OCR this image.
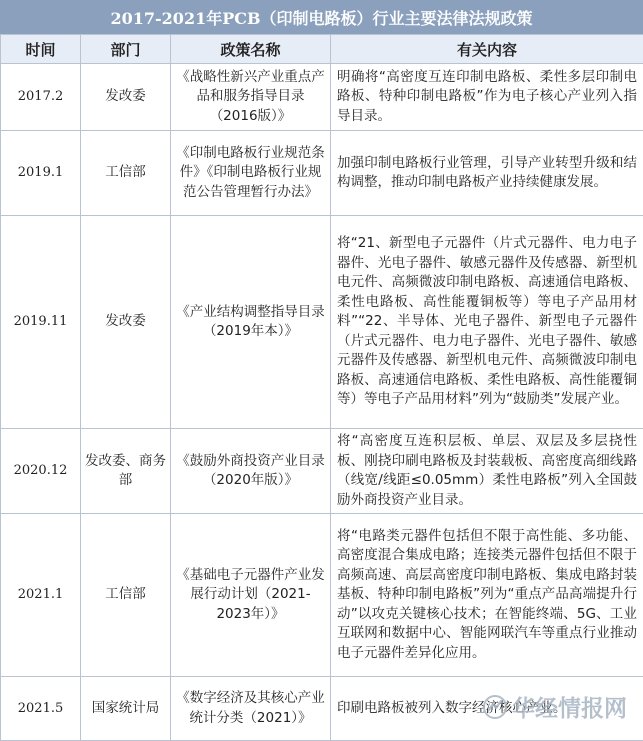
2017-2021年PCB（印制电路板）行业主要法律法规政策
时间	部门	政策名称	有关内容
2017.2	发改委	《战略性新兴产业重点产品和服务指导目录（2016版）》	明确将“高密度互连印制电路板、柔性多层印制电路板、特种印制电路板”作为电子核心产业列入指导目录。
2019.1	工信部	《印制电路板行业规范条件》《印制电路板行业规范公告管理暂行办法》	加强印制电路板行业管理，引导产业转型升级和结构调整，推动印制电路板产业持续健康发展。
2019.11	发改委	《产业结构调整指导目录（2019年本）》	将“21、新型电子元器件（片式元器件、电力电子器件、光电子器件、敏感元器件及传感器、新型机电元件、高频微波印制电路板、高速通信电路板、柔性电路板、高性能覆铜板等）等电子产品用材料”“22、半导体、光电子器件、新型电子元器件（片式元器件、电力电子器件、光电子器件、敏感元器件及传感器、新型机电元件、高频微波印制电路板、高速通信电路板、柔性电路板、高性能覆铜等）等电子产品用材料”列为“鼓励类”发展产业。
2020.12	发改委、商务部	《鼓励外商投资产业目录（2020年版）》	将“高密度互连积层板、单层、双层及多层挠性板、刚挠印刷电路板及封装载板、高密度高细线路（线宽/线距≤0.05mm）柔性电路板”列入全国鼓励外商投资产业目录。
2021.1	工信部	《基础电子元器件产业发展行动计划（2021-2023年）》	将“电路类元器件包括但不限于高性能、多功能、高密度混合集成电路；连接类元器件包括但不限于高频高速、高层高密度印制电路板、集成电路封装基板、特种印制电路板”列为“重点产品高端提升行动”以攻克关键核心技术；在智能终端、5G、工业互联网和数据中心、智能网联汽车等重点行业推动电子元器件差异化应用。
2021.5	国家统计局	《数字经济及其核心产业统计分类（2021）》	印刷电路板被列入数字经济核心产业。
华经情报网
